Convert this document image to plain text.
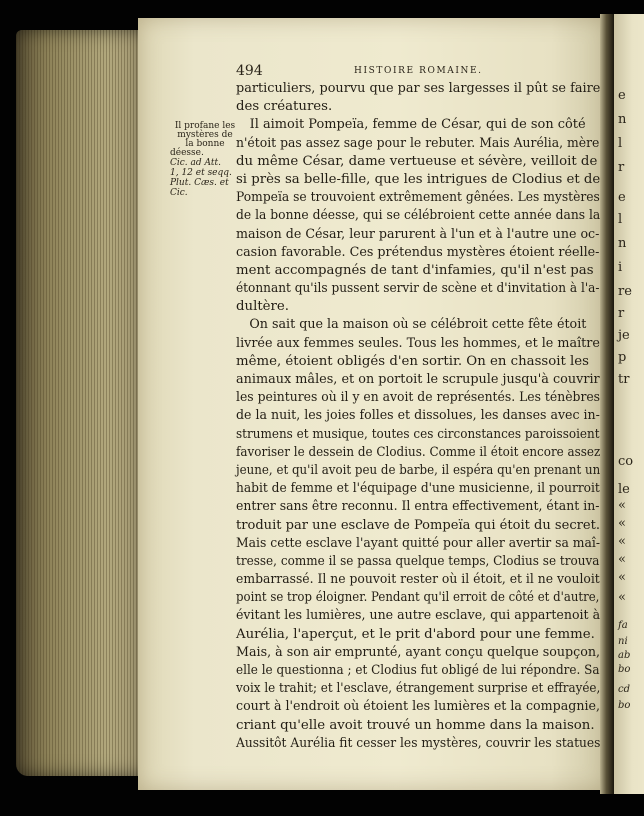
e
n
l
r
e
l
n
i
re
r
je
p
tr
co
le
«
«
«
«
«
«
fa
ni
ab
bo
cd
bo
494	HISTOIRE ROMAINE.
Il profane les
mystères de
la bonne
déesse.
Cic. ad Att.
1, 12 et seqq.
Plut. Cæs. et
Cic.
particuliers, pourvu que par ses largesses il pût se faire
des créatures.
Il aimoit Pompeïa, femme de César, qui de son côté
n'étoit pas assez sage pour le rebuter. Mais Aurélia, mère
du même César, dame vertueuse et sévère, veilloit de
si près sa belle-fille, que les intrigues de Clodius et de
Pompeïa se trouvoient extrêmement gênées. Les mystères
de la bonne déesse, qui se célébroient cette année dans la
maison de César, leur parurent à l'un et à l'autre une oc-
casion favorable. Ces prétendus mystères étoient réelle-
ment accompagnés de tant d'infamies, qu'il n'est pas
étonnant qu'ils pussent servir de scène et d'invitation à l'a-
dultère.
On sait que la maison où se célébroit cette fête étoit
livrée aux femmes seules. Tous les hommes, et le maître
même, étoient obligés d'en sortir. On en chassoit les
animaux mâles, et on portoit le scrupule jusqu'à couvrir
les peintures où il y en avoit de représentés. Les ténèbres
de la nuit, les joies folles et dissolues, les danses avec in-
strumens et musique, toutes ces circonstances paroissoient
favoriser le dessein de Clodius. Comme il étoit encore assez
jeune, et qu'il avoit peu de barbe, il espéra qu'en prenant un
habit de femme et l'équipage d'une musicienne, il pourroit
entrer sans être reconnu. Il entra effectivement, étant in-
troduit par une esclave de Pompeïa qui étoit du secret.
Mais cette esclave l'ayant quitté pour aller avertir sa maî-
tresse, comme il se passa quelque temps, Clodius se trouva
embarrassé. Il ne pouvoit rester où il étoit, et il ne vouloit
point se trop éloigner. Pendant qu'il erroit de côté et d'autre,
évitant les lumières, une autre esclave, qui appartenoit à
Aurélia, l'aperçut, et le prit d'abord pour une femme.
Mais, à son air emprunté, ayant conçu quelque soupçon,
elle le questionna ; et Clodius fut obligé de lui répondre. Sa
voix le trahit; et l'esclave, étrangement surprise et effrayée,
court à l'endroit où étoient les lumières et la compagnie,
criant qu'elle avoit trouvé un homme dans la maison.
Aussitôt Aurélia fit cesser les mystères, couvrir les statues
